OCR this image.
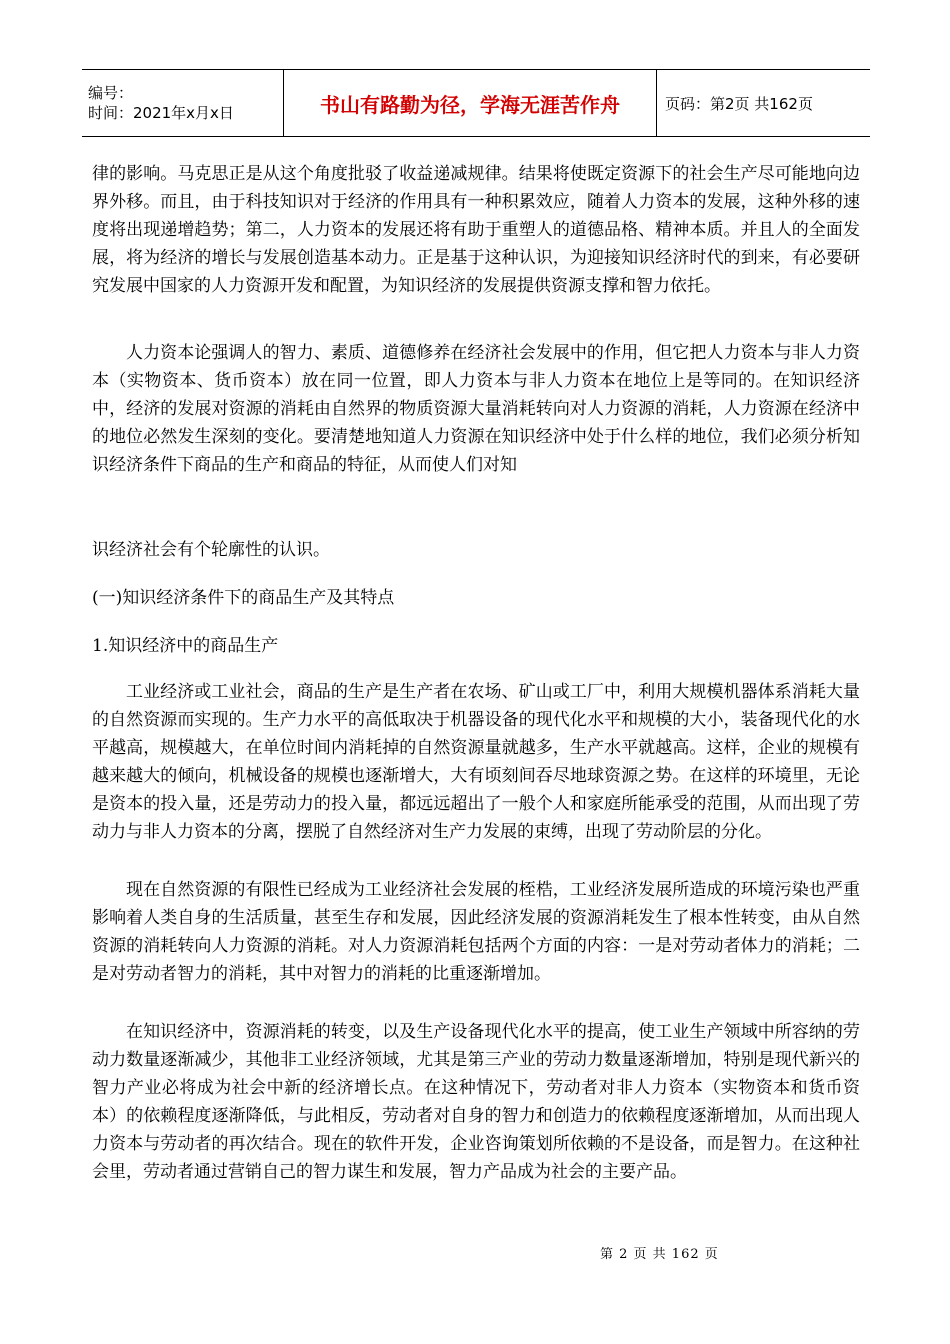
编号：
时间：2021年x月x日	书山有路勤为径，学海无涯苦作舟	页码：第2页 共162页

律的影响。马克思正是从这个角度批驳了收益递减规律。结果将使既定资源下的社会生产尽可能地向边界外移。而且，由于科技知识对于经济的作用具有一种积累效应，随着人力资本的发展，这种外移的速度将出现递增趋势；第二，人力资本的发展还将有助于重塑人的道德品格、精神本质。并且人的全面发展，将为经济的增长与发展创造基本动力。正是基于这种认识，为迎接知识经济时代的到来，有必要研究发展中国家的人力资源开发和配置，为知识经济的发展提供资源支撑和智力依托。

人力资本论强调人的智力、素质、道德修养在经济社会发展中的作用，但它把人力资本与非人力资本（实物资本、货币资本）放在同一位置，即人力资本与非人力资本在地位上是等同的。在知识经济中，经济的发展对资源的消耗由自然界的物质资源大量消耗转向对人力资源的消耗，人力资源在经济中的地位必然发生深刻的变化。要清楚地知道人力资源在知识经济中处于什么样的地位，我们必须分析知识经济条件下商品的生产和商品的特征，从而使人们对知

识经济社会有个轮廓性的认识。

(一)知识经济条件下的商品生产及其特点

1.知识经济中的商品生产

工业经济或工业社会，商品的生产是生产者在农场、矿山或工厂中，利用大规模机器体系消耗大量的自然资源而实现的。生产力水平的高低取决于机器设备的现代化水平和规模的大小，装备现代化的水平越高，规模越大，在单位时间内消耗掉的自然资源量就越多，生产水平就越高。这样，企业的规模有越来越大的倾向，机械设备的规模也逐渐增大，大有顷刻间吞尽地球资源之势。在这样的环境里，无论是资本的投入量，还是劳动力的投入量，都远远超出了一般个人和家庭所能承受的范围，从而出现了劳动力与非人力资本的分离，摆脱了自然经济对生产力发展的束缚，出现了劳动阶层的分化。

现在自然资源的有限性已经成为工业经济社会发展的桎梏，工业经济发展所造成的环境污染也严重影响着人类自身的生活质量，甚至生存和发展，因此经济发展的资源消耗发生了根本性转变，由从自然资源的消耗转向人力资源的消耗。对人力资源消耗包括两个方面的内容：一是对劳动者体力的消耗；二是对劳动者智力的消耗，其中对智力的消耗的比重逐渐增加。

在知识经济中，资源消耗的转变，以及生产设备现代化水平的提高，使工业生产领域中所容纳的劳动力数量逐渐减少，其他非工业经济领域，尤其是第三产业的劳动力数量逐渐增加，特别是现代新兴的智力产业必将成为社会中新的经济增长点。在这种情况下，劳动者对非人力资本（实物资本和货币资本）的依赖程度逐渐降低，与此相反，劳动者对自身的智力和创造力的依赖程度逐渐增加，从而出现人力资本与劳动者的再次结合。现在的软件开发，企业咨询策划所依赖的不是设备，而是智力。在这种社会里，劳动者通过营销自己的智力谋生和发展，智力产品成为社会的主要产品。

第 2 页 共 162 页
